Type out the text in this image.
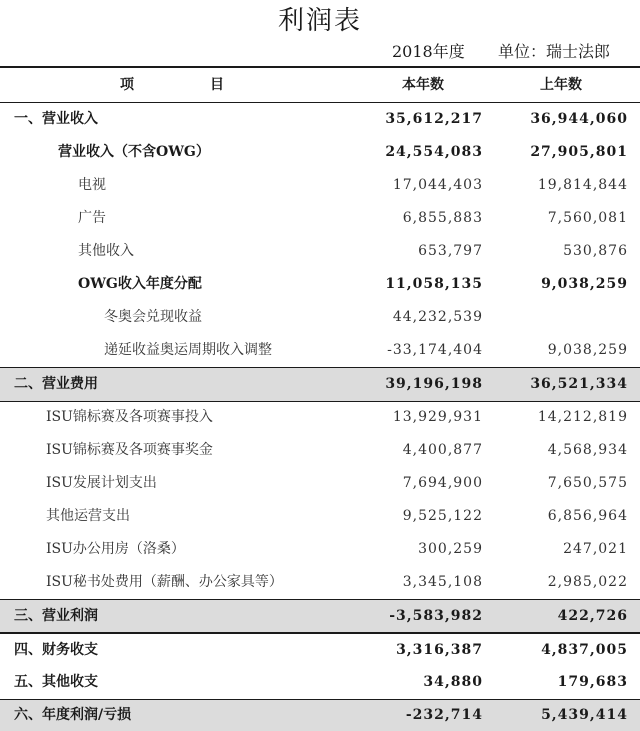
利润表
2018年度 单位：瑞士法郎
项	目	本年数	上年数
一、营业收入	35,612,217	36,944,060
营业收入（不含OWG）	24,554,083	27,905,801
电视	17,044,403	19,814,844
广告	6,855,883	7,560,081
其他收入	653,797	530,876
OWG收入年度分配	11,058,135	9,038,259
冬奥会兑现收益	44,232,539
递延收益奥运周期收入调整	-33,174,404	9,038,259
二、营业费用	39,196,198	36,521,334
ISU锦标赛及各项赛事投入	13,929,931	14,212,819
ISU锦标赛及各项赛事奖金	4,400,877	4,568,934
ISU发展计划支出	7,694,900	7,650,575
其他运营支出	9,525,122	6,856,964
ISU办公用房（洛桑）	300,259	247,021
ISU秘书处费用（薪酬、办公家具等）	3,345,108	2,985,022
三、营业利润	-3,583,982	422,726
四、财务收支	3,316,387	4,837,005
五、其他收支	34,880	179,683
六、年度利润/亏损	-232,714	5,439,414
